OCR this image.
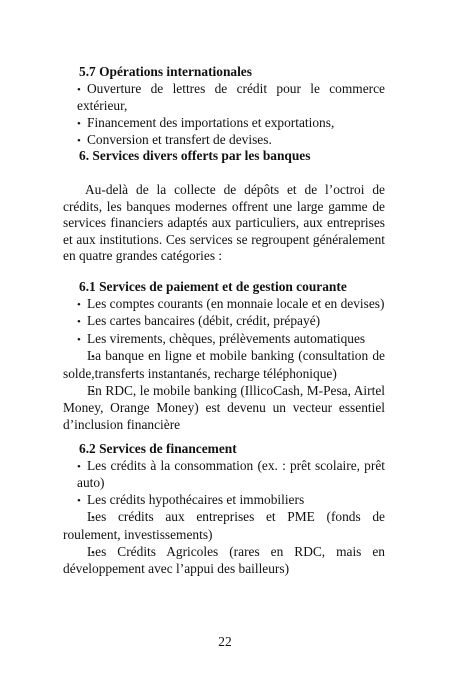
5.7 Opérations internationales

• Ouverture de lettres de crédit pour le commerce extérieur,

• Financement des importations et exportations,

• Conversion et transfert de devises.

6. Services divers offerts par les banques

Au-delà de la collecte de dépôts et de l’octroi de crédits, les banques modernes offrent une large gamme de services financiers adaptés aux particuliers, aux entreprises et aux institutions. Ces services se regroupent généralement en quatre grandes catégories :

6.1 Services de paiement et de gestion courante

• Les comptes courants (en monnaie locale et en devises)

• Les cartes bancaires (débit, crédit, prépayé)

• Les virements, chèques, prélèvements automatiques

• La banque en ligne et mobile banking (consultation de solde,transferts instantanés, recharge téléphonique)

• En RDC, le mobile banking (IllicoCash, M-Pesa, Airtel Money, Orange Money) est devenu un vecteur essentiel d’inclusion financière

6.2 Services de financement

• Les crédits à la consommation (ex. : prêt scolaire, prêt auto)

• Les crédits hypothécaires et immobiliers

• Les crédits aux entreprises et PME (fonds de roulement, investissements)

• Les Crédits Agricoles (rares en RDC, mais en développement avec l’appui des bailleurs)

22
